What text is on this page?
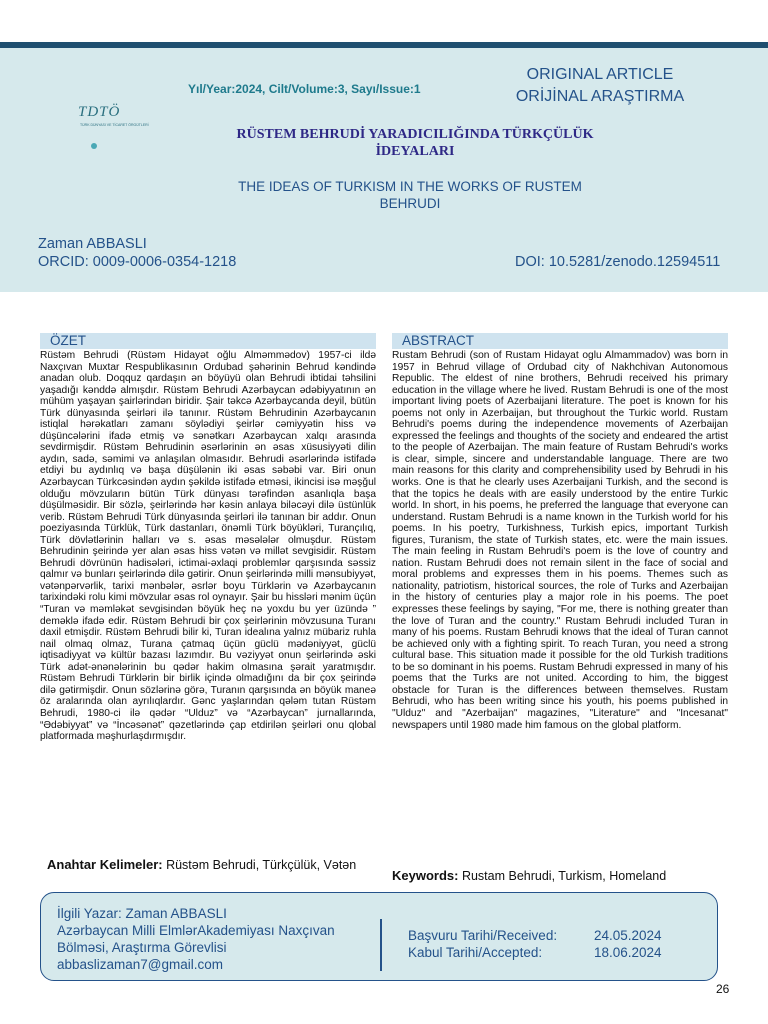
TDTÖ
TÜRK DÜNYASI VE TİCARET ÖRGÜTLERİ
Yıl/Year:2024, Cilt/Volume:3, Sayı/Issue:1
ORIGINAL ARTICLE
ORİJİNAL ARAŞTIRMA
RÜSTEM BEHRUDİ YARADICILIĞINDA TÜRKÇÜLÜK İDEYALARI
THE IDEAS OF TURKISM IN THE WORKS OF RUSTEM BEHRUDI
Zaman ABBASLI
ORCID: 0009-0006-0354-1218	DOI: 10.5281/zenodo.12594511
ÖZET	ABSTRACT
Rüstəm Behrudi (Rüstəm Hidayət oğlu Alməmmədov) 1957-ci ildə Naxçıvan Muxtar Respublikasının Ordubad şəhərinin Behrud kəndində anadan olub. Doqquz qardaşın ən böyüyü olan Behrudi ibtidai təhsilini yaşadığı kənddə almışdır. Rüstəm Behrudi Azərbaycan ədəbiyyatının ən mühüm yaşayan şairlərindən biridir. Şair təkcə Azərbaycanda deyil, bütün Türk dünyasında şeirləri ilə tanınır. Rüstəm Behrudinin Azərbaycanın istiqlal hərəkatları zamanı söylədiyi şeirlər cəmiyyətin hiss və düşüncələrini ifadə etmiş və sənətkarı Azərbaycan xalqı arasında sevdirmişdir. Rüstəm Behrudinin əsərlərinin ən əsas xüsusiyyəti dilin aydın, sadə, səmimi və anlaşılan olmasıdır. Behrudi əsərlərində istifadə etdiyi bu aydınlıq və başa düşülənin iki əsas səbəbi var. Biri onun Azərbaycan Türkcəsindən aydın şəkildə istifadə etməsi, ikincisi isə məşğul olduğu mövzuların bütün Türk dünyası tərəfindən asanlıqla başa düşülməsidir. Bir sözlə, şeirlərində hər kəsin anlaya biləcəyi dilə üstünlük verib. Rüstəm Behrudi Türk dünyasında şeirləri ilə tanınan bir addır. Onun poeziyasında Türklük, Türk dastanları, önəmli Türk böyükləri, Turançılıq, Türk dövlətlərinin halları və s. əsas məsələlər olmuşdur. Rüstəm Behrudinin şeirində yer alan əsas hiss vətən və millət sevgisidir. Rüstəm Behrudi dövrünün hadisələri, ictimai-əxlaqi problemlər qarşısında səssiz qalmır və bunları şeirlərində dilə gətirir. Onun şeirlərində milli mənsubiyyət, vətənpərvərlik, tarixi mənbələr, əsrlər boyu Türklərin və Azərbaycanın tarixindəki rolu kimi mövzular əsas rol oynayır. Şair bu hissləri mənim üçün “Turan və məmləkət sevgisindən böyük heç nə yoxdu bu yer üzündə ” deməklə ifadə edir. Rüstəm Behrudi bir çox şeirlərinin mövzusuna Turanı daxil etmişdir. Rüstəm Behrudi bilir ki, Turan idealına yalnız mübariz ruhla nail olmaq olmaz, Turana çatmaq üçün güclü mədəniyyət, güclü iqtisadiyyat və kültür bazası lazımdır. Bu vəziyyət onun şeirlərində əski Türk adət-ənənələrinin bu qədər hakim olmasına şərait yaratmışdır. Rüstəm Behrudi Türklərin bir birlik içində olmadığını da bir çox şeirində dilə gətirmişdir. Onun sözlərinə görə, Turanın qarşısında ən böyük maneə öz aralarında olan ayrılıqlardır. Gənc yaşlarından qələm tutan Rüstəm Behrudi, 1980-ci ilə qədər “Ulduz” və “Azərbaycan” jurnallarında, “Ədəbiyyat” və “İncəsənət” qəzetlərində çap etdirilən şeirləri onu qlobal platformada məşhurlaşdırmışdır.
Rustam Behrudi (son of Rustam Hidayat oglu Almammadov) was born in 1957 in Behrud village of Ordubad city of Nakhchivan Autonomous Republic. The eldest of nine brothers, Behrudi received his primary education in the village where he lived. Rustam Behrudi is one of the most important living poets of Azerbaijani literature. The poet is known for his poems not only in Azerbaijan, but throughout the Turkic world. Rustam Behrudi's poems during the independence movements of Azerbaijan expressed the feelings and thoughts of the society and endeared the artist to the people of Azerbaijan. The main feature of Rustam Behrudi's works is clear, simple, sincere and understandable language. There are two main reasons for this clarity and comprehensibility used by Behrudi in his works. One is that he clearly uses Azerbaijani Turkish, and the second is that the topics he deals with are easily understood by the entire Turkic world. In short, in his poems, he preferred the language that everyone can understand. Rustam Behrudi is a name known in the Turkish world for his poems. In his poetry, Turkishness, Turkish epics, important Turkish figures, Turanism, the state of Turkish states, etc. were the main issues. The main feeling in Rustam Behrudi's poem is the love of country and nation. Rustam Behrudi does not remain silent in the face of social and moral problems and expresses them in his poems. Themes such as nationality, patriotism, historical sources, the role of Turks and Azerbaijan in the history of centuries play a major role in his poems. The poet expresses these feelings by saying, "For me, there is nothing greater than the love of Turan and the country." Rustam Behrudi included Turan in many of his poems. Rustam Behrudi knows that the ideal of Turan cannot be achieved only with a fighting spirit. To reach Turan, you need a strong cultural base. This situation made it possible for the old Turkish traditions to be so dominant in his poems. Rustam Behrudi expressed in many of his poems that the Turks are not united. According to him, the biggest obstacle for Turan is the differences between themselves. Rustam Behrudi, who has been writing since his youth, his poems published in "Ulduz" and "Azerbaijan" magazines, "Literature" and "Incesanat" newspapers until 1980 made him famous on the global platform.
Anahtar Kelimeler: Rüstəm Behrudi, Türkçülük, Vətən
Keywords: Rustam Behrudi, Turkism, Homeland
İlgili Yazar: Zaman ABBASLI
Azərbaycan Milli ElmlərAkademiyası Naxçıvan
Bölməsi, Araştırma Görevlisi
abbaslizaman7@gmail.com
Başvuru Tarihi/Received:	24.05.2024
Kabul Tarihi/Accepted:	18.06.2024
26
